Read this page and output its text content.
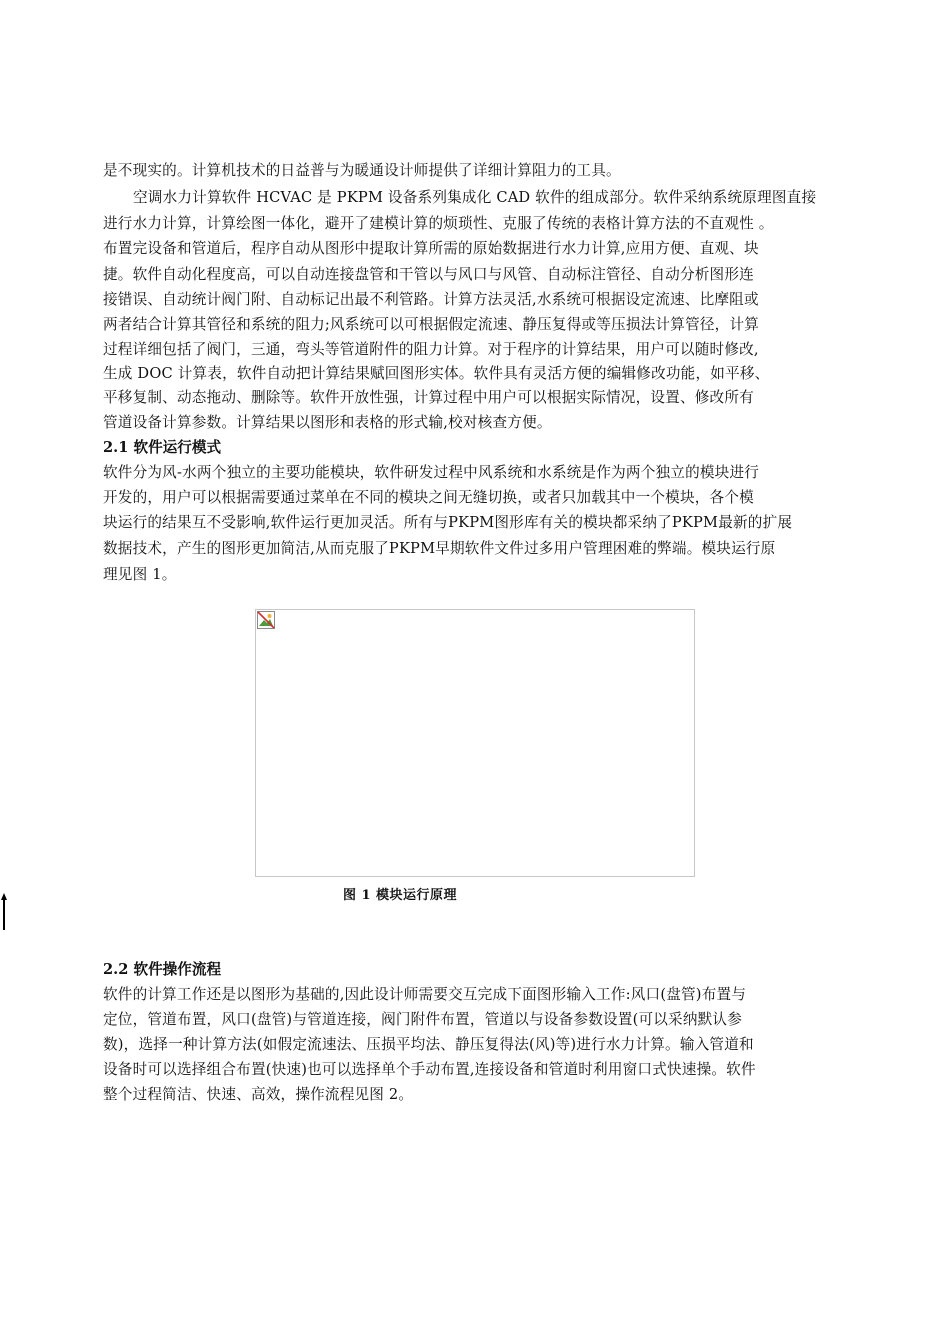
是不现实的。计算机技术的日益普与为暖通设计师提供了详细计算阻力的工具。
空调水力计算软件 HCVAC 是 PKPM 设备系列集成化 CAD 软件的组成部分。软件采纳系统原理图直接
进行水力计算，计算绘图一体化，避开了建模计算的烦琐性、克服了传统的表格计算方法的不直观性 。
布置完设备和管道后，程序自动从图形中提取计算所需的原始数据进行水力计算,应用方便、直观、块
捷。软件自动化程度高，可以自动连接盘管和干管以与风口与风管、自动标注管径、自动分析图形连
接错误、自动统计阀门附、自动标记出最不利管路。计算方法灵活,水系统可根据设定流速、比摩阻或
两者结合计算其管径和系统的阻力;风系统可以可根据假定流速、静压复得或等压损法计算管径，计算
过程详细包括了阀门，三通，弯头等管道附件的阻力计算。对于程序的计算结果，用户可以随时修改,
生成 DOC 计算表，软件自动把计算结果赋回图形实体。软件具有灵活方便的编辑修改功能，如平移、
平移复制、动态拖动、删除等。软件开放性强，计算过程中用户可以根据实际情况，设置、修改所有
管道设备计算参数。计算结果以图形和表格的形式输,校对核查方便。
2.1 软件运行模式
软件分为风-水两个独立的主要功能模块，软件研发过程中风系统和水系统是作为两个独立的模块进行
开发的，用户可以根据需要通过菜单在不同的模块之间无缝切换，或者只加载其中一个模块，各个模
块运行的结果互不受影响,软件运行更加灵活。所有与PKPM图形库有关的模块都采纳了PKPM最新的扩展
数据技术，产生的图形更加简洁,从而克服了PKPM早期软件文件过多用户管理困难的弊端。模块运行原
理见图 1。
图 1 模块运行原理
2.2 软件操作流程
软件的计算工作还是以图形为基础的,因此设计师需要交互完成下面图形输入工作:风口(盘管)布置与
定位，管道布置，风口(盘管)与管道连接，阀门附件布置，管道以与设备参数设置(可以采纳默认参
数)，选择一种计算方法(如假定流速法、压损平均法、静压复得法(风)等)进行水力计算。输入管道和
设备时可以选择组合布置(快速)也可以选择单个手动布置,连接设备和管道时利用窗口式快速操。软件
整个过程简洁、快速、高效，操作流程见图 2。
